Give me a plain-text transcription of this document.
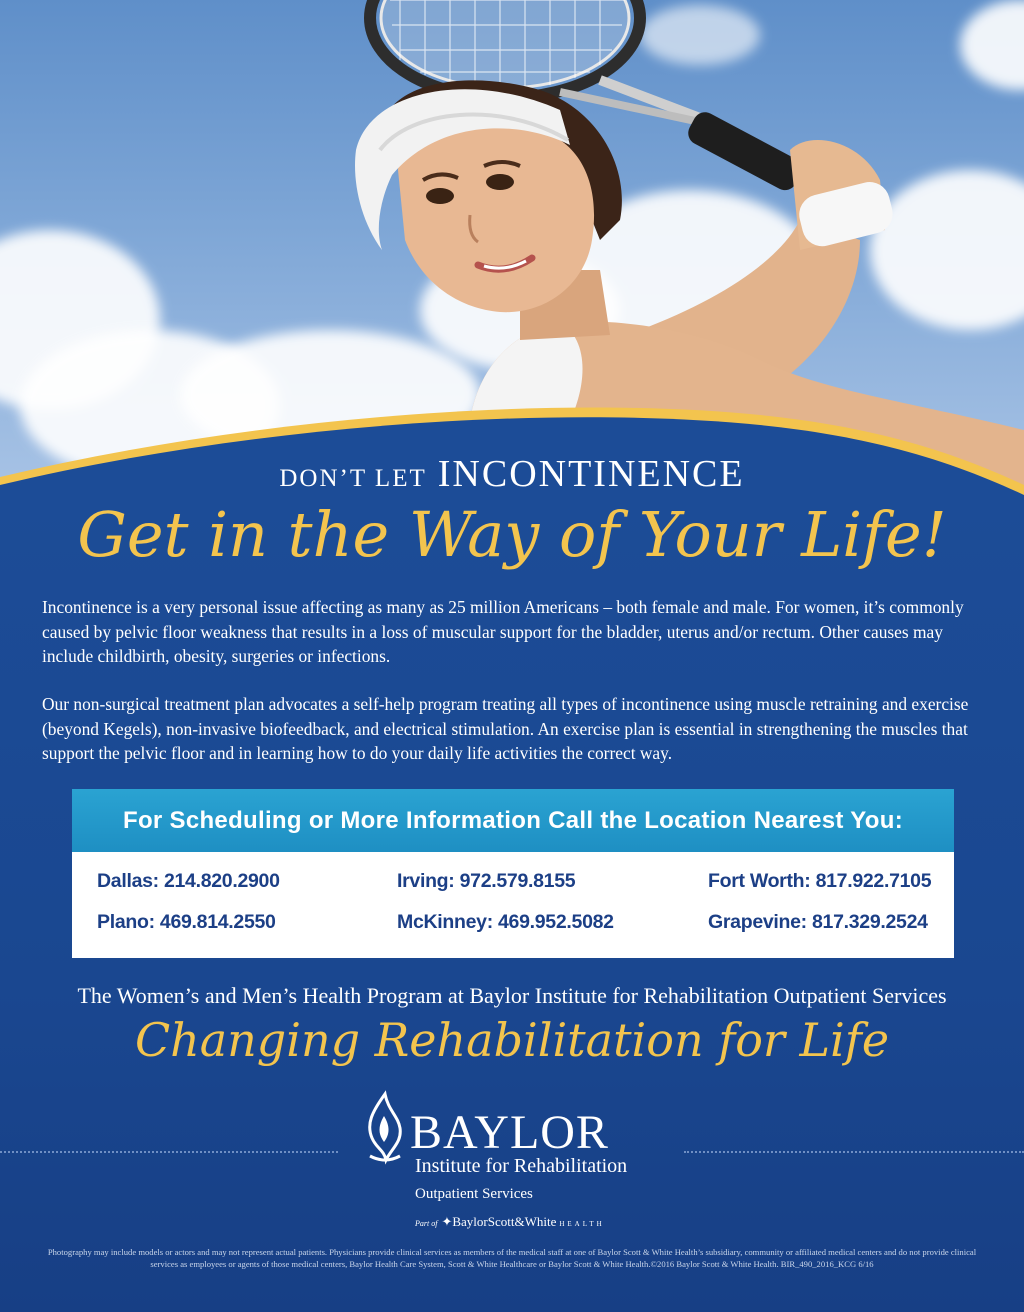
DON’T LET INCONTINENCE
Get in the Way of Your Life!

Incontinence is a very personal issue affecting as many as 25 million Americans – both female and male. For women, it’s commonly caused by pelvic floor weakness that results in a loss of muscular support for the bladder, uterus and/or rectum. Other causes may include childbirth, obesity, surgeries or infections.

Our non-surgical treatment plan advocates a self-help program treating all types of incontinence using muscle retraining and exercise (beyond Kegels), non-invasive biofeedback, and electrical stimulation. An exercise plan is essential in strengthening the muscles that support the pelvic floor and in learning how to do your daily life activities the correct way.

For Scheduling or More Information Call the Location Nearest You:
Dallas: 214.820.2900	Irving: 972.579.8155	Fort Worth: 817.922.7105
Plano: 469.814.2550	McKinney: 469.952.5082	Grapevine: 817.329.2524
The Women’s and Men’s Health Program at Baylor Institute for Rehabilitation Outpatient Services
Changing Rehabilitation for Life
BAYLOR
Institute for Rehabilitation
Outpatient Services
Part of ✦BaylorScott&White HEALTH

Photography may include models or actors and may not represent actual patients. Physicians provide clinical services as members of the medical staff at one of Baylor Scott & White Health’s subsidiary, community or affiliated medical centers and do not provide clinical services as employees or agents of those medical centers, Baylor Health Care System, Scott & White Healthcare or Baylor Scott & White Health.©2016 Baylor Scott & White Health. BIR_490_2016_KCG 6/16
